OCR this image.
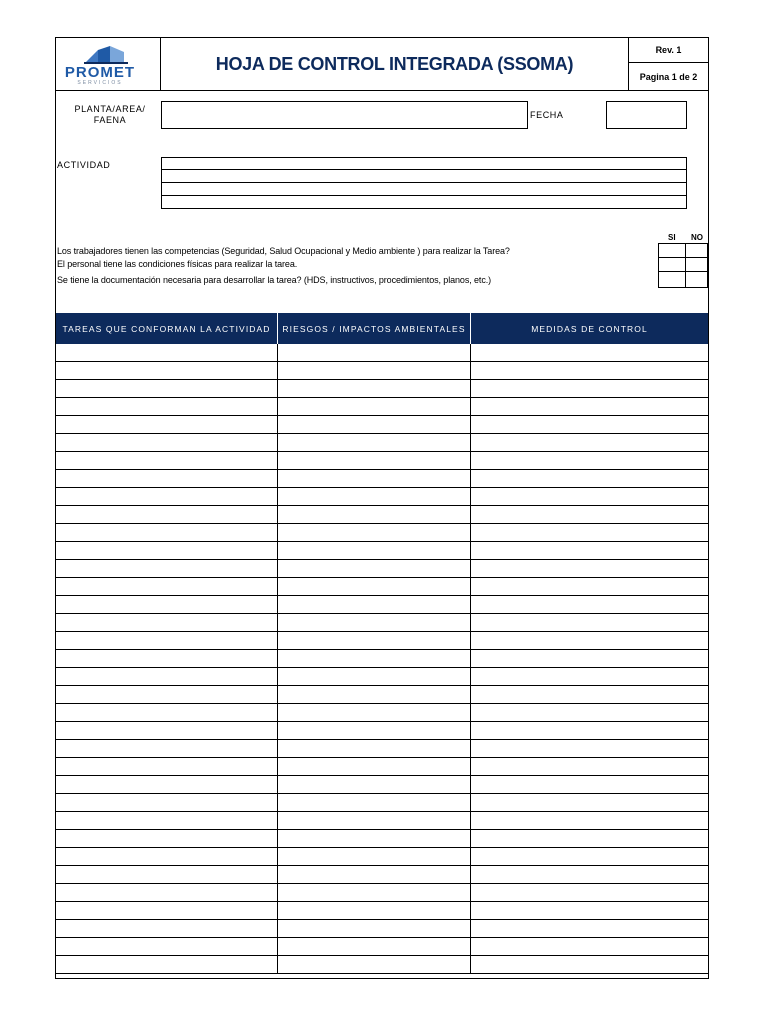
PROMET
SERVICIOS
HOJA DE CONTROL INTEGRADA (SSOMA)
Rev. 1
Pagina 1 de 2
PLANTA/AREA/
FAENA	FECHA
ACTIVIDAD
SI NO
Los trabajadores tienen las competencias (Seguridad, Salud Ocupacional y Medio ambiente ) para realizar la Tarea?
El personal tiene las condiciones físicas para realizar la tarea.
Se tiene la documentación necesaria para desarrollar la tarea? (HDS, instructivos, procedimientos, planos, etc.)
TAREAS QUE CONFORMAN LA ACTIVIDAD	RIESGOS / IMPACTOS AMBIENTALES	MEDIDAS DE CONTROL
